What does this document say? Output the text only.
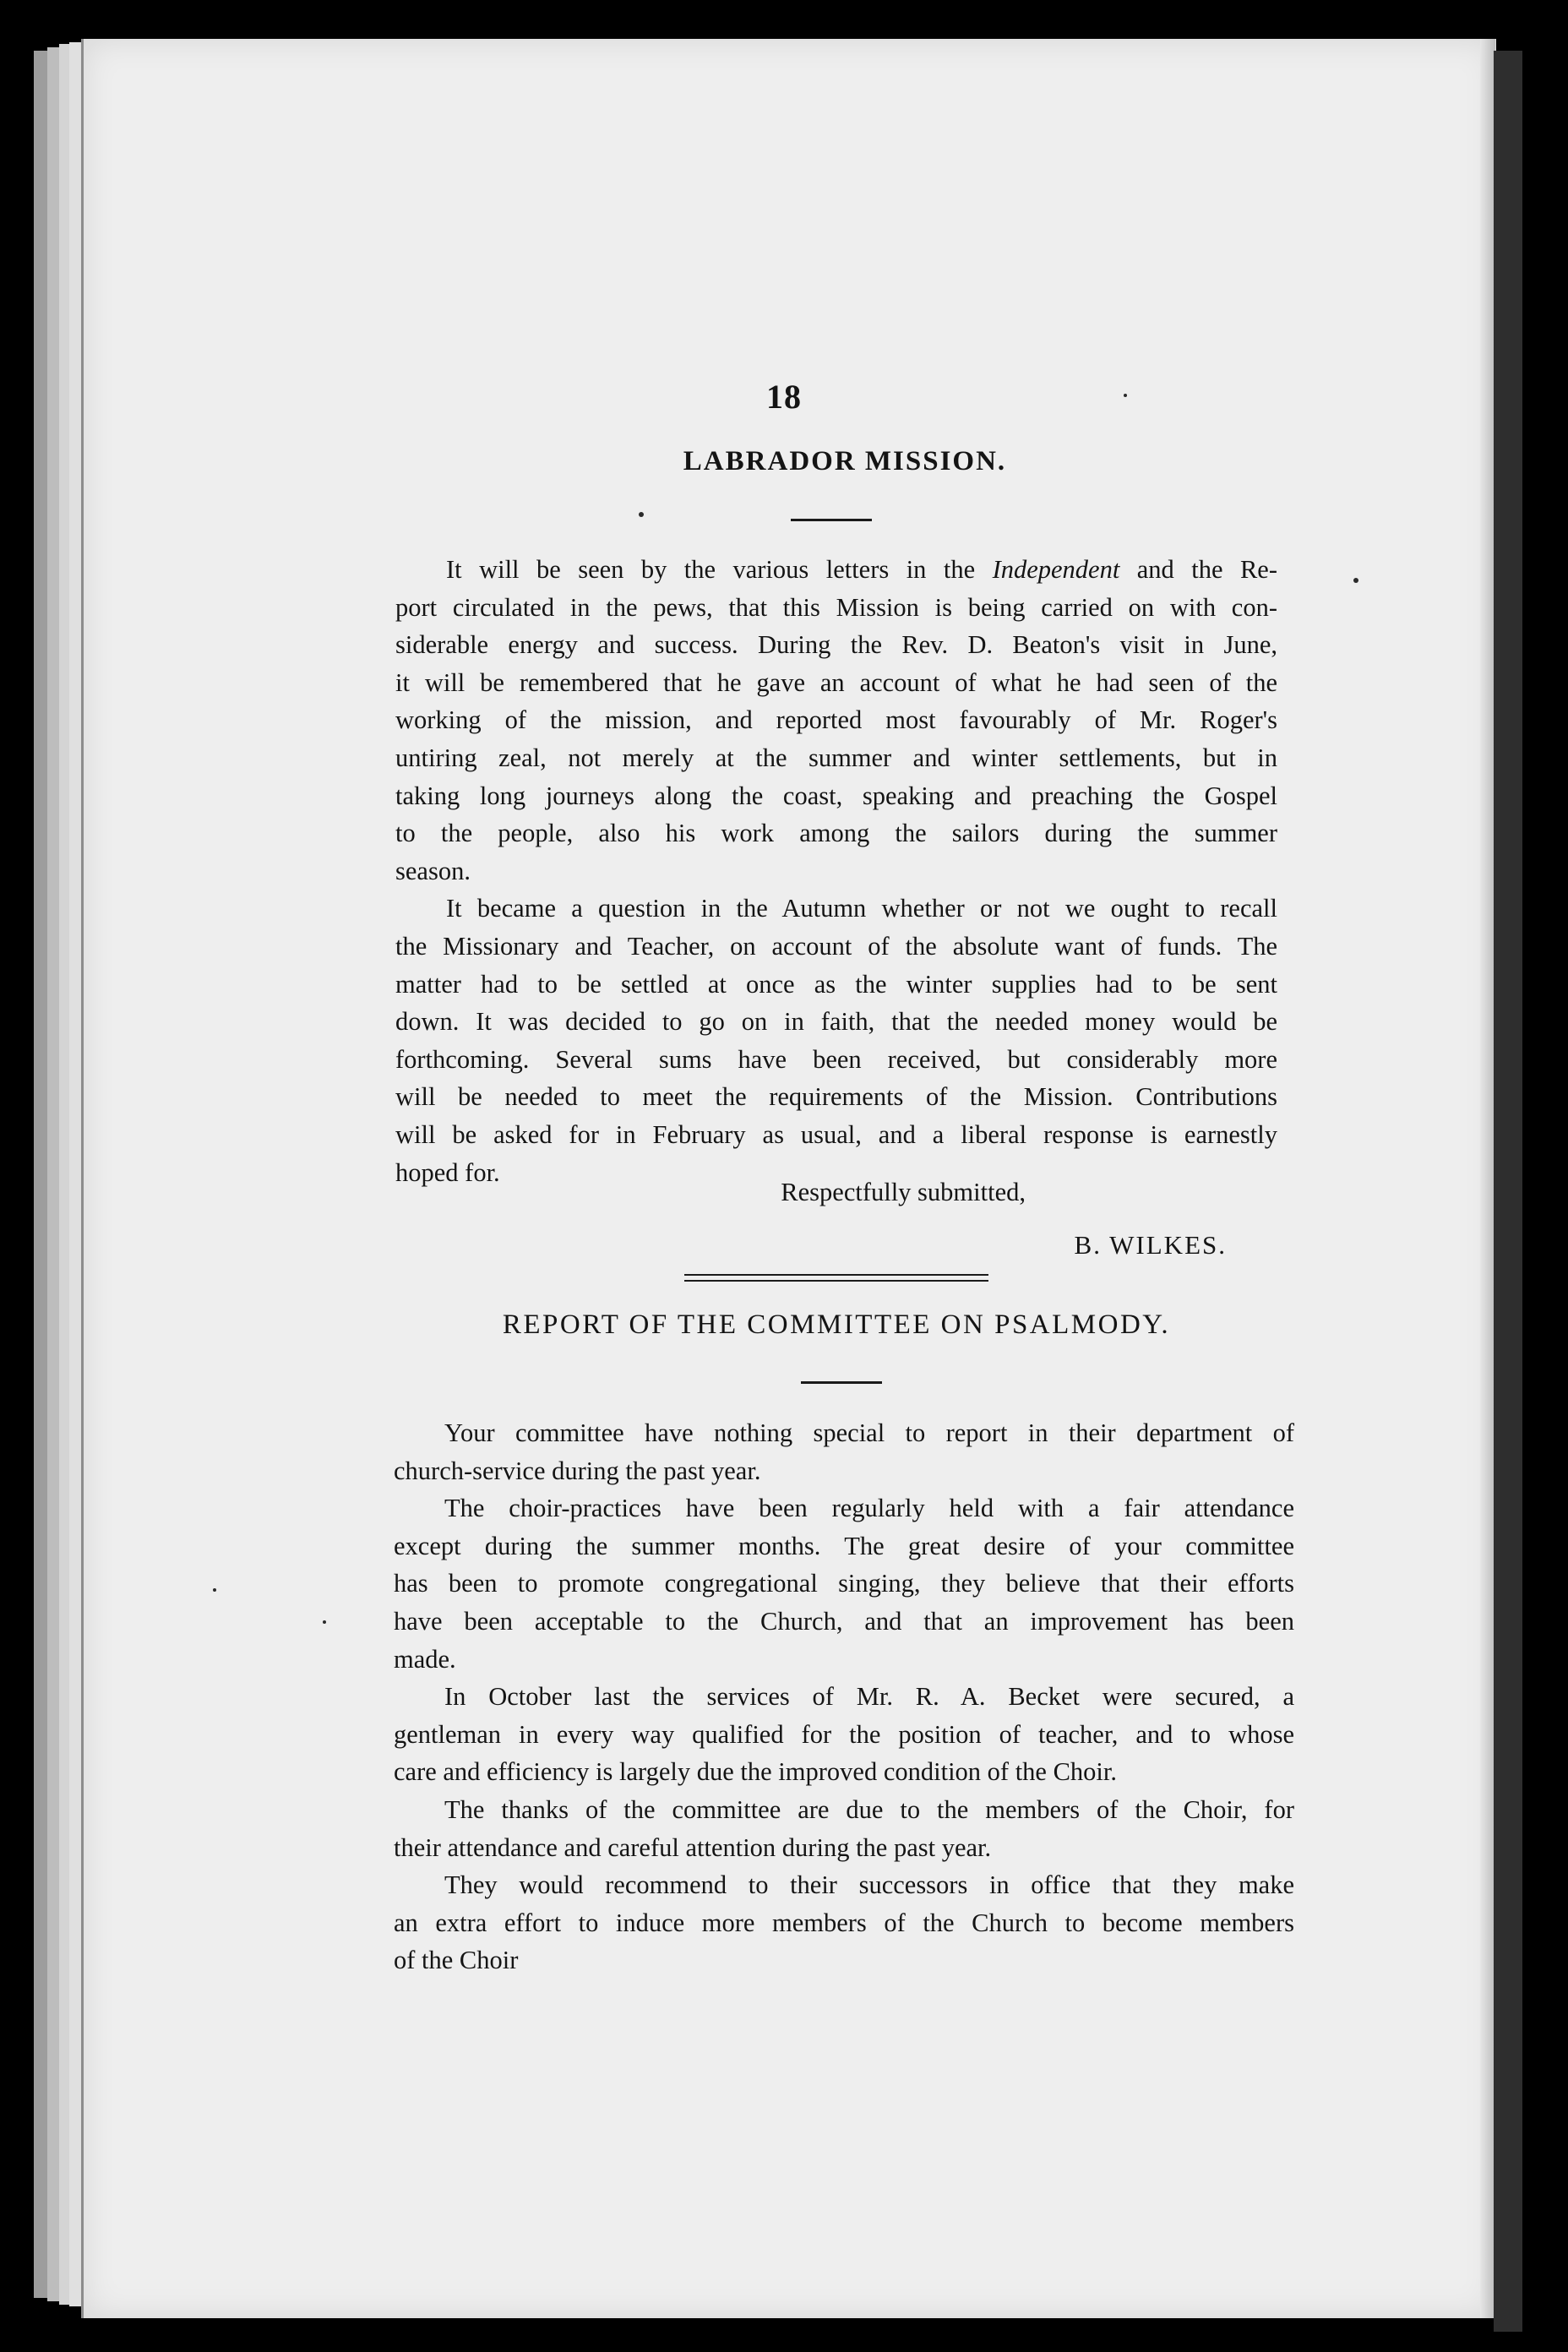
18
LABRADOR MISSION.

It will be seen by the various letters in the Independent and the Re-
port circulated in the pews, that this Mission is being carried on with con-
siderable energy and success. During the Rev. D. Beaton's visit in June,
it will be remembered that he gave an account of what he had seen of the
working of the mission, and reported most favourably of Mr. Roger's
untiring zeal, not merely at the summer and winter settlements, but in
taking long journeys along the coast, speaking and preaching the Gospel
to the people, also his work among the sailors during the summer
season.

It became a question in the Autumn whether or not we ought to recall
the Missionary and Teacher, on account of the absolute want of funds. The
matter had to be settled at once as the winter supplies had to be sent
down. It was decided to go on in faith, that the needed money would be
forthcoming. Several sums have been received, but considerably more
will be needed to meet the requirements of the Mission. Contributions
will be asked for in February as usual, and a liberal response is earnestly
hoped for.

Respectfully submitted,
B. WILKES.
REPORT OF THE COMMITTEE ON PSALMODY.

Your committee have nothing special to report in their department of
church-service during the past year.

The choir-practices have been regularly held with a fair attendance
except during the summer months. The great desire of your committee
has been to promote congregational singing, they believe that their efforts
have been acceptable to the Church, and that an improvement has been
made.

In October last the services of Mr. R. A. Becket were secured, a
gentleman in every way qualified for the position of teacher, and to whose
care and efficiency is largely due the improved condition of the Choir.

The thanks of the committee are due to the members of the Choir, for
their attendance and careful attention during the past year.

They would recommend to their successors in office that they make
an extra effort to induce more members of the Church to become members
of the Choir
